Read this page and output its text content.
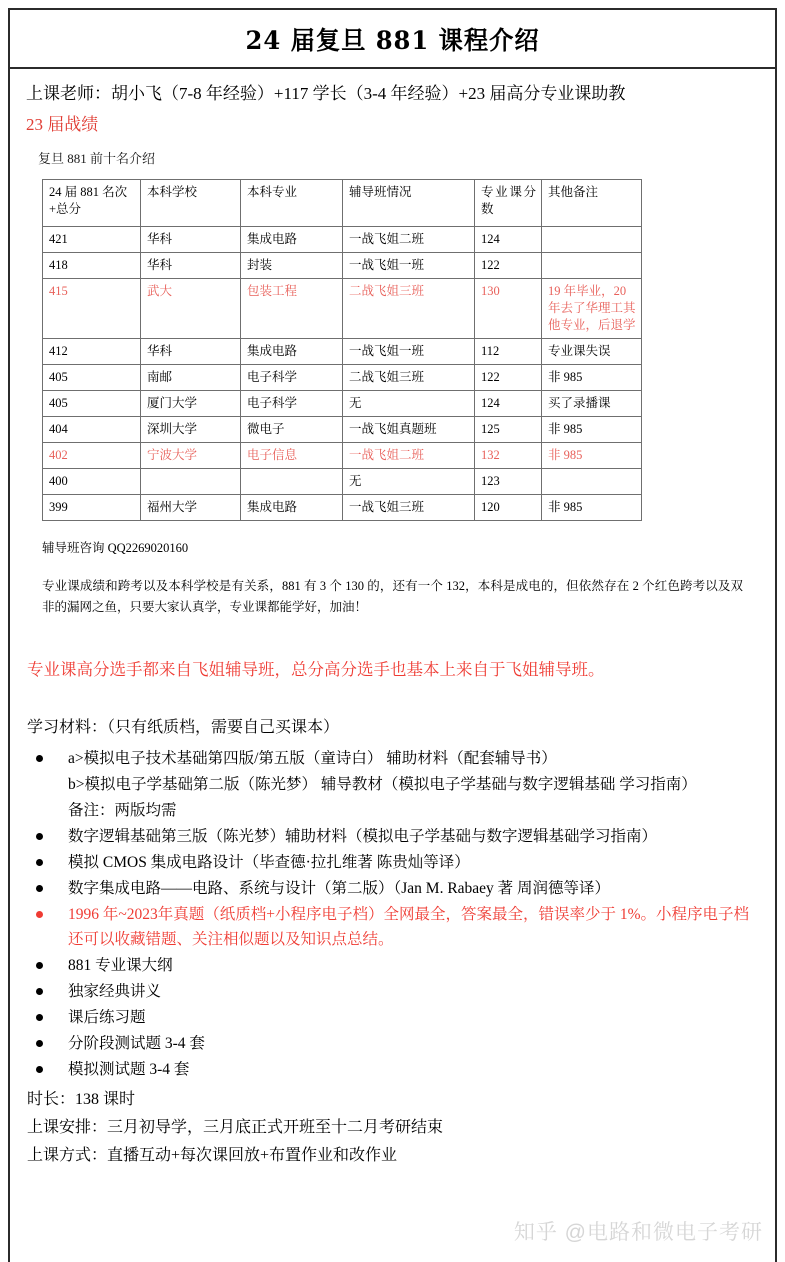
24 届复旦 881 课程介绍
上课老师：胡小飞（7-8 年经验）+117 学长（3-4 年经验）+23 届高分专业课助教
23 届战绩
复旦 881 前十名介绍
24 届 881 名次+总分	本科学校	本科专业	辅导班情况	专业课分数	其他备注
421	华科	集成电路	一战飞姐二班	124	
418	华科	封装	一战飞姐一班	122	
415	武大	包装工程	二战飞姐三班	130	19 年毕业，20 年去了华理工其他专业，后退学
412	华科	集成电路	一战飞姐一班	112	专业课失误
405	南邮	电子科学	二战飞姐三班	122	非 985
405	厦门大学	电子科学	无	124	买了录播课
404	深圳大学	微电子	一战飞姐真题班	125	非 985
402	宁波大学	电子信息	一战飞姐二班	132	非 985
400			无	123	
399	福州大学	集成电路	一战飞姐三班	120	非 985
辅导班咨询 QQ2269020160
专业课成绩和跨考以及本科学校是有关系，881 有 3 个 130 的，还有一个 132，本科是成电的，但依然存在 2 个红色跨考以及双非的漏网之鱼，只要大家认真学，专业课都能学好，加油！
专业课高分选手都来自飞姐辅导班，总分高分选手也基本上来自于飞姐辅导班。
学习材料：（只有纸质档，需要自己买课本）
a>模拟电子技术基础第四版/第五版（童诗白） 辅助材料（配套辅导书）
b>模拟电子学基础第二版（陈光梦） 辅导教材（模拟电子学基础与数字逻辑基础 学习指南）
备注：两版均需
数字逻辑基础第三版（陈光梦）辅助材料（模拟电子学基础与数字逻辑基础学习指南）
模拟 CMOS 集成电路设计（毕查德·拉扎维著 陈贵灿等译）
数字集成电路——电路、系统与设计（第二版）（Jan M. Rabaey 著 周润德等译）
1996 年~2023年真题（纸质档+小程序电子档）全网最全，答案最全，错误率少于 1%。小程序电子档还可以收藏错题、关注相似题以及知识点总结。
881 专业课大纲
独家经典讲义
课后练习题
分阶段测试题 3-4 套
模拟测试题 3-4 套
时长：138 课时
上课安排：三月初导学，三月底正式开班至十二月考研结束
上课方式：直播互动+每次课回放+布置作业和改作业
知乎 @电路和微电子考研
